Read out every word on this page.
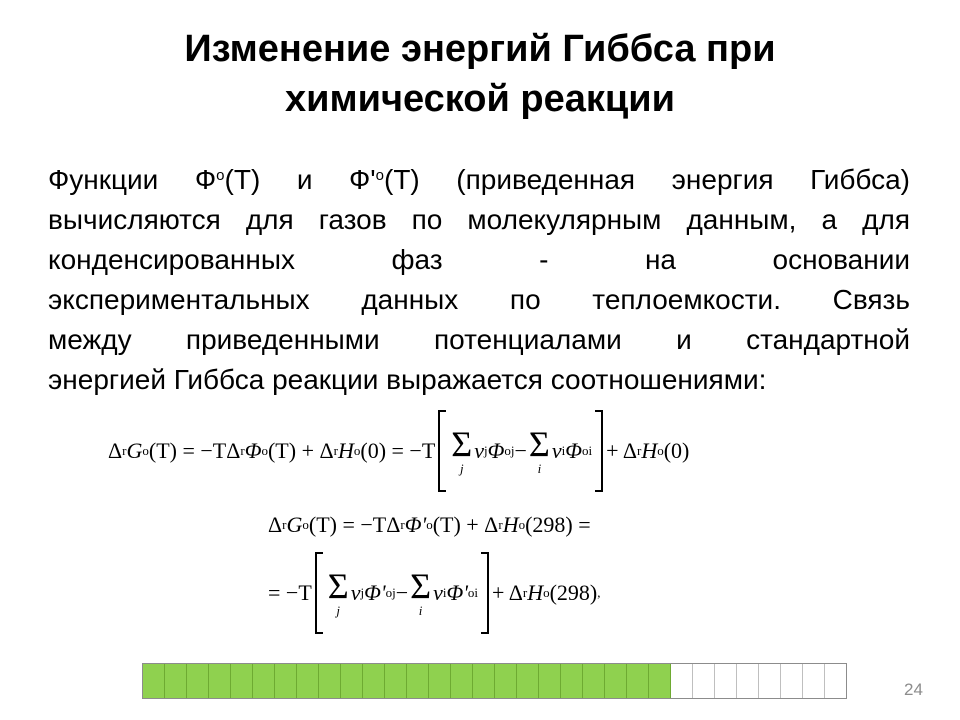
Изменение энергий Гиббса при
химической реакции
Функции $Ф^о(Т)$ и $Ф'^о(Т)$ (приведенная энергия Гиббса)
вычисляются для газов по молекулярным данным, а для
конденсированных фаз - на основании
экспериментальных данных по теплоемкости. Связь
между приведенными потенциалами и стандартной
энергией Гиббса реакции выражается соотношениями:
Δ r G o (T) = −TΔ r Φ o (T) + Δ r H o (0) = −T Σ
j
ν j Φ o j − Σ
i
ν i Φ o i + Δ r H o (0)
Δ r G o (T) = −TΔ r Φ' o (T) + Δ r H o (298) =
= −T Σ
j
ν j Φ' o j − Σ
i
ν i Φ' o i + Δ r H o (298) ,
24
